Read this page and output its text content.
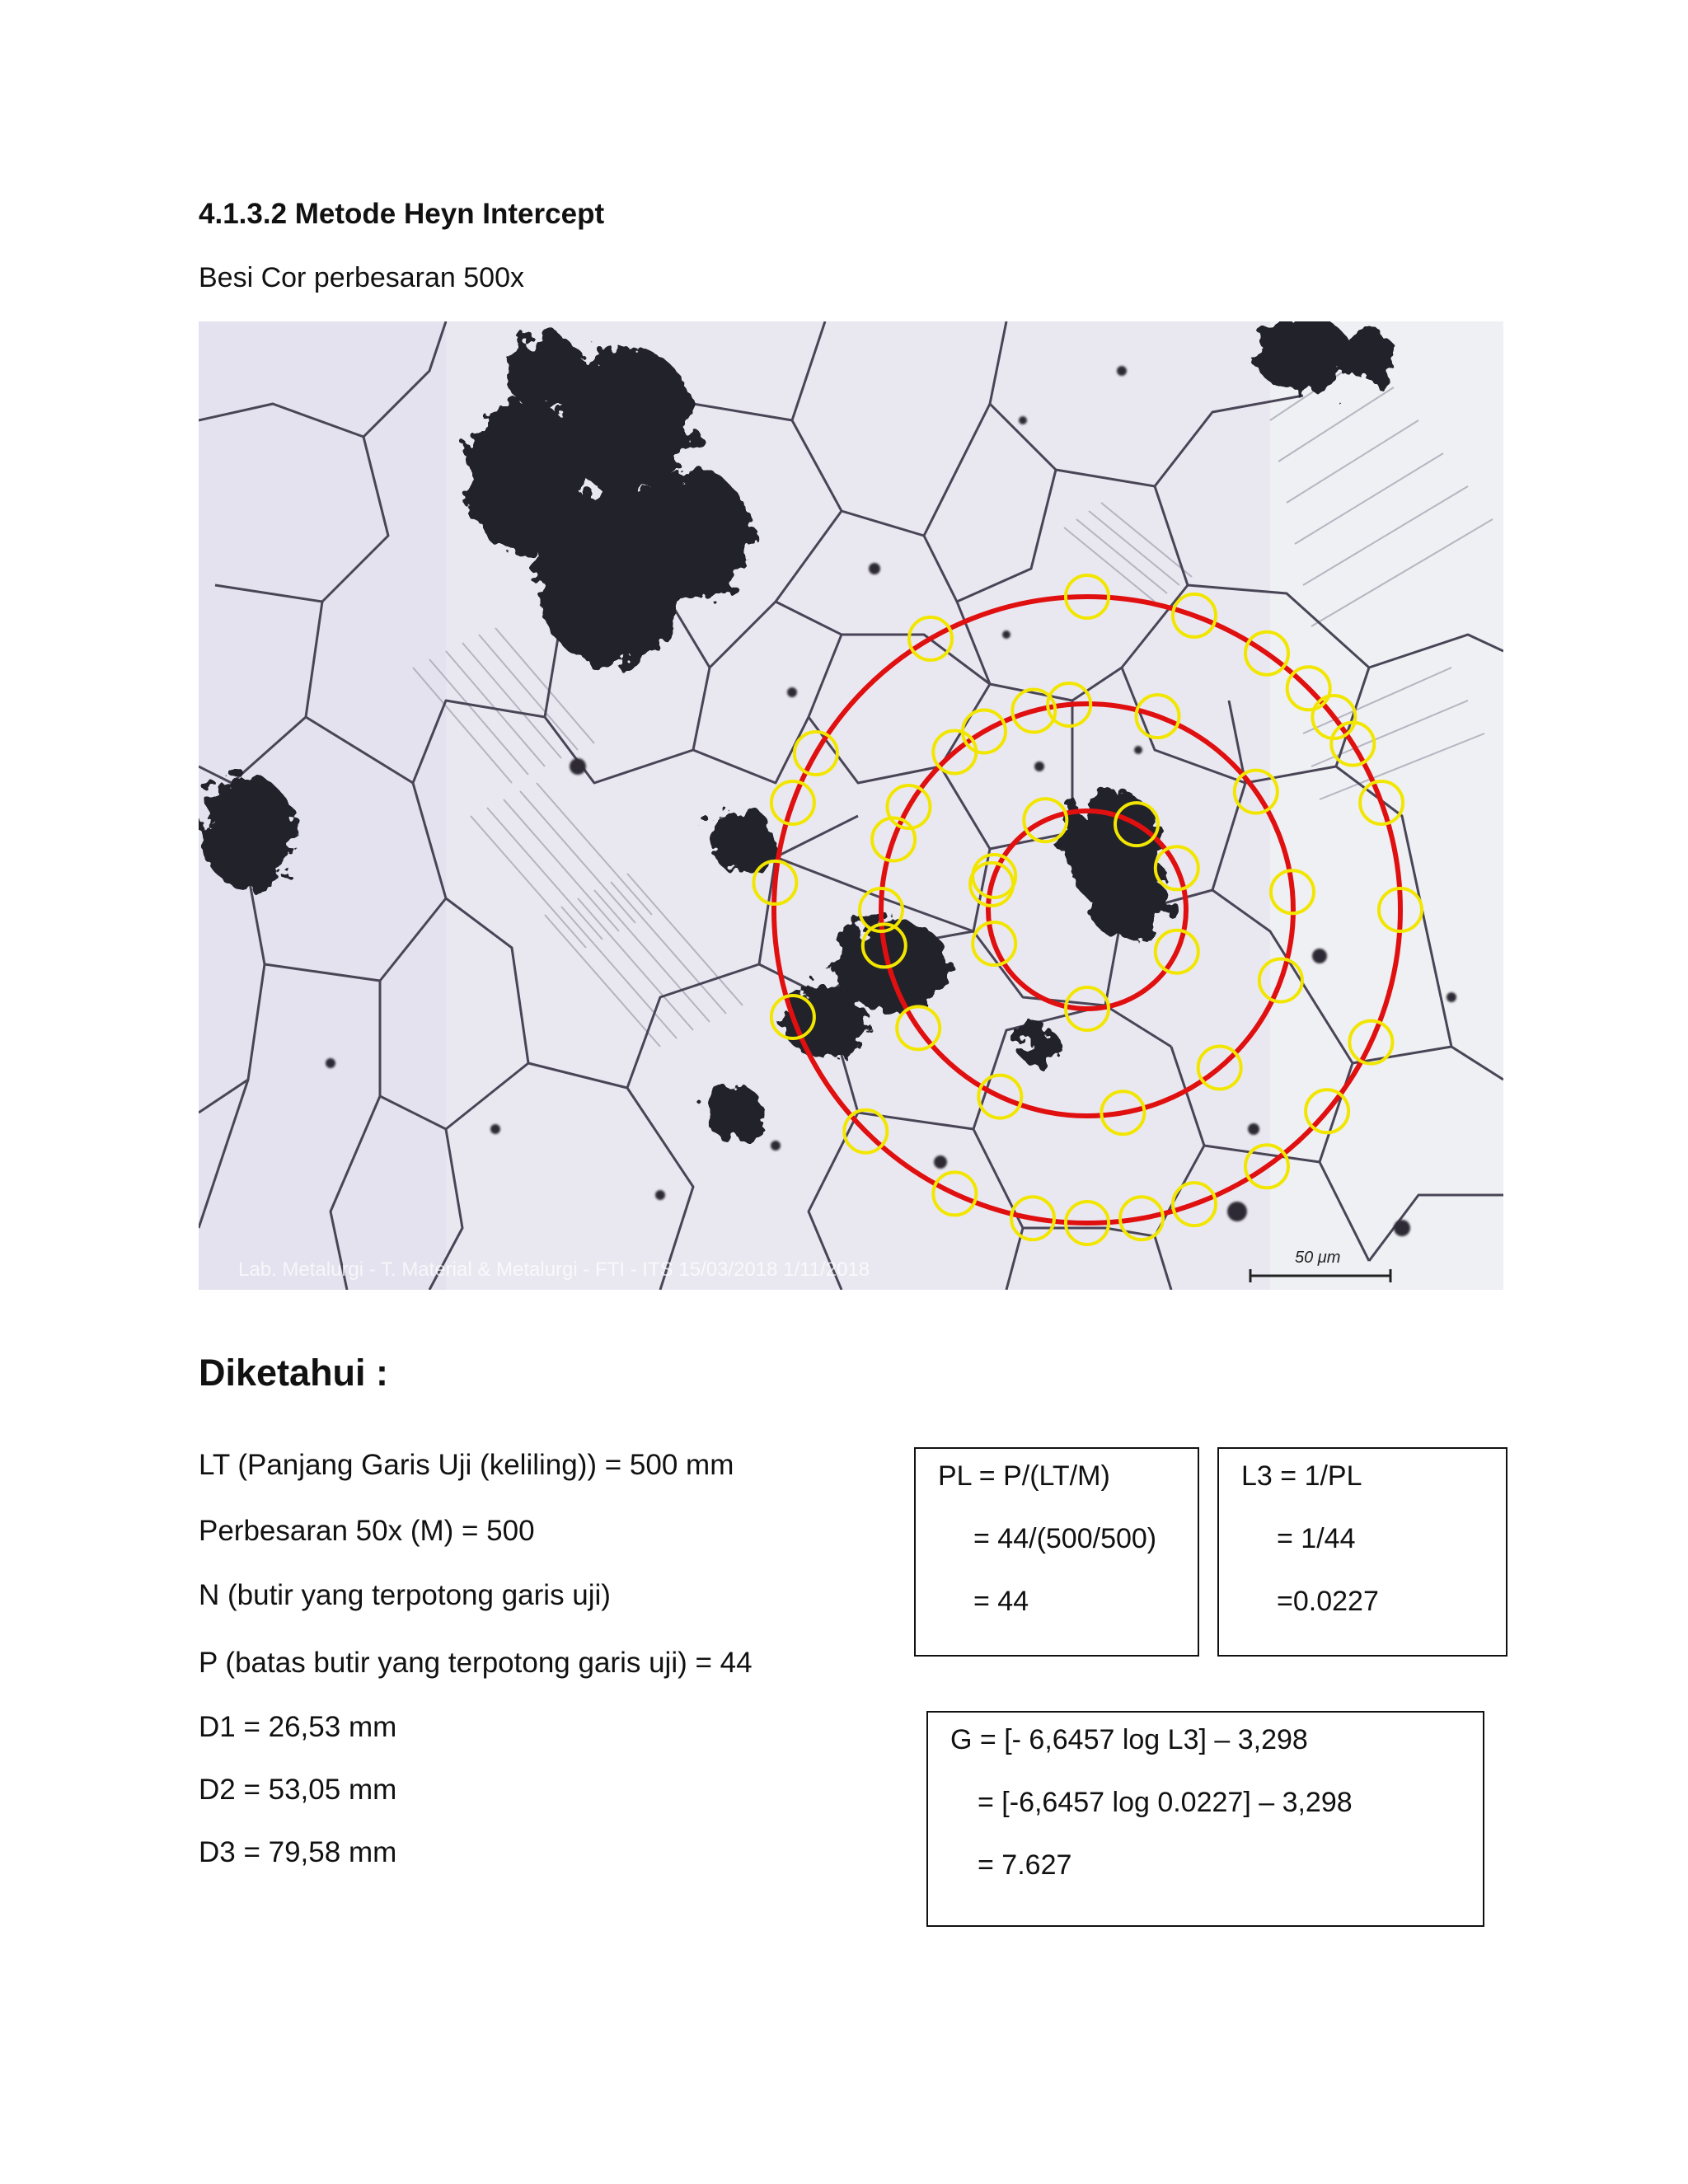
4.1.3.2 Metode Heyn Intercept
Besi Cor perbesaran 500x
Lab. Metalurgi - T. Material & Metalurgi - FTI - ITS 15/03/2018 1/11/2018
50 μm
Diketahui :
LT (Panjang Garis Uji (keliling)) = 500 mm
Perbesaran 50x (M) = 500
N (butir yang terpotong garis uji)
P (batas butir yang terpotong garis uji) = 44
D1 = 26,53 mm
D2 = 53,05 mm
D3 = 79,58 mm
PL = P/(LT/M)
= 44/(500/500)
= 44
L3 = 1/PL
= 1/44
=0.0227
G = [- 6,6457 log L3] – 3,298
= [-6,6457 log 0.0227] – 3,298
= 7.627
